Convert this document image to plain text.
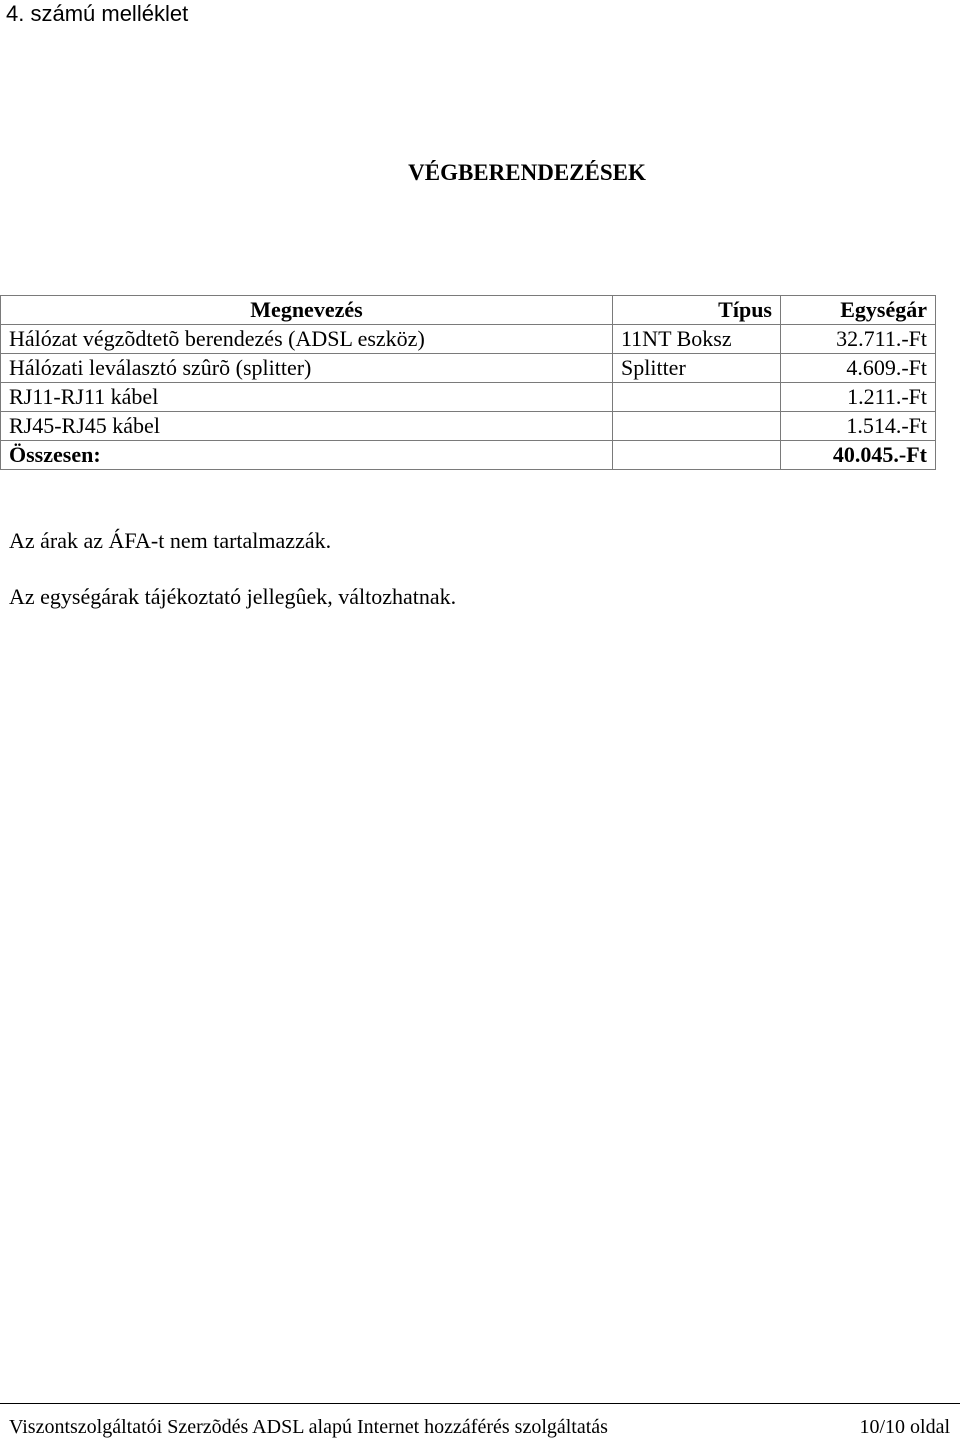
4. számú melléklet
VÉGBERENDEZÉSEK
Megnevezés	Típus	Egységár
Hálózat végzõdtetõ berendezés (ADSL eszköz)	11NT Boksz	32.711.-Ft
Hálózati leválasztó szûrõ (splitter)	Splitter	4.609.-Ft
RJ11-RJ11 kábel		1.211.-Ft
RJ45-RJ45 kábel		1.514.-Ft
Összesen:		40.045.-Ft
Az árak az ÁFA-t nem tartalmazzák.
Az egységárak tájékoztató jellegûek, változhatnak.
Viszontszolgáltatói Szerzõdés ADSL alapú Internet hozzáférés szolgáltatás	10/10 oldal
